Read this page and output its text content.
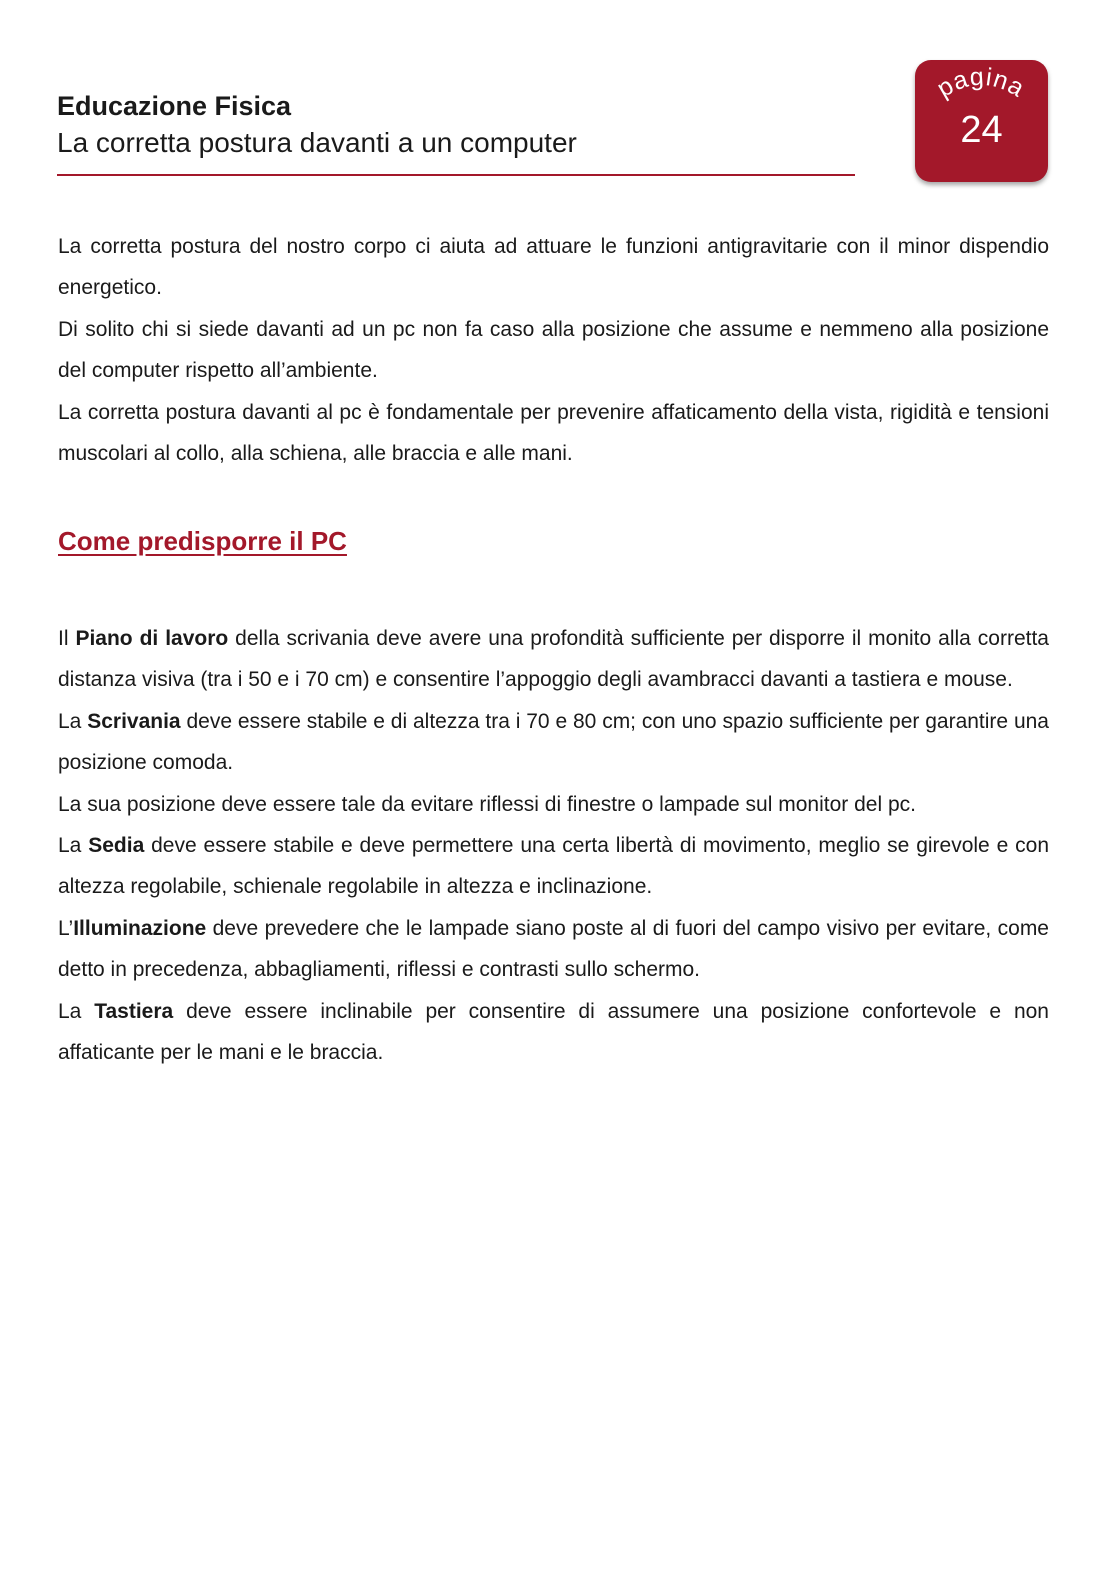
Educazione Fisica
La corretta postura davanti a un computer
pagina
24

La corretta postura del nostro corpo ci aiuta ad attuare le funzioni antigravitarie con il minor dispendio energetico.

Di solito chi si siede davanti ad un pc non fa caso alla posizione che assume e nemmeno alla posizione del computer rispetto all’ambiente.

La corretta postura davanti al pc è fondamentale per prevenire affaticamento della vista, rigidità e tensioni muscolari al collo, alla schiena, alle braccia e alle mani.

Come predisporre il PC

Il Piano di lavoro della scrivania deve avere una profondità sufficiente per disporre il monito alla corretta distanza visiva (tra i 50 e i 70 cm) e consentire l’appoggio degli avambracci davanti a tastiera e mouse.

La Scrivania deve essere stabile e di altezza tra i 70 e 80 cm; con uno spazio sufficiente per garantire una posizione comoda.

La sua posizione deve essere tale da evitare riflessi di finestre o lampade sul monitor del pc.

La Sedia deve essere stabile e deve permettere una certa libertà di movimento, meglio se girevole e con altezza regolabile, schienale regolabile in altezza e inclinazione.

L’Illuminazione deve prevedere che le lampade siano poste al di fuori del campo visivo per evitare, come detto in precedenza, abbagliamenti, riflessi e contrasti sullo schermo.

La Tastiera deve essere inclinabile per consentire di assumere una posizione confortevole e non affaticante per le mani e le braccia.
